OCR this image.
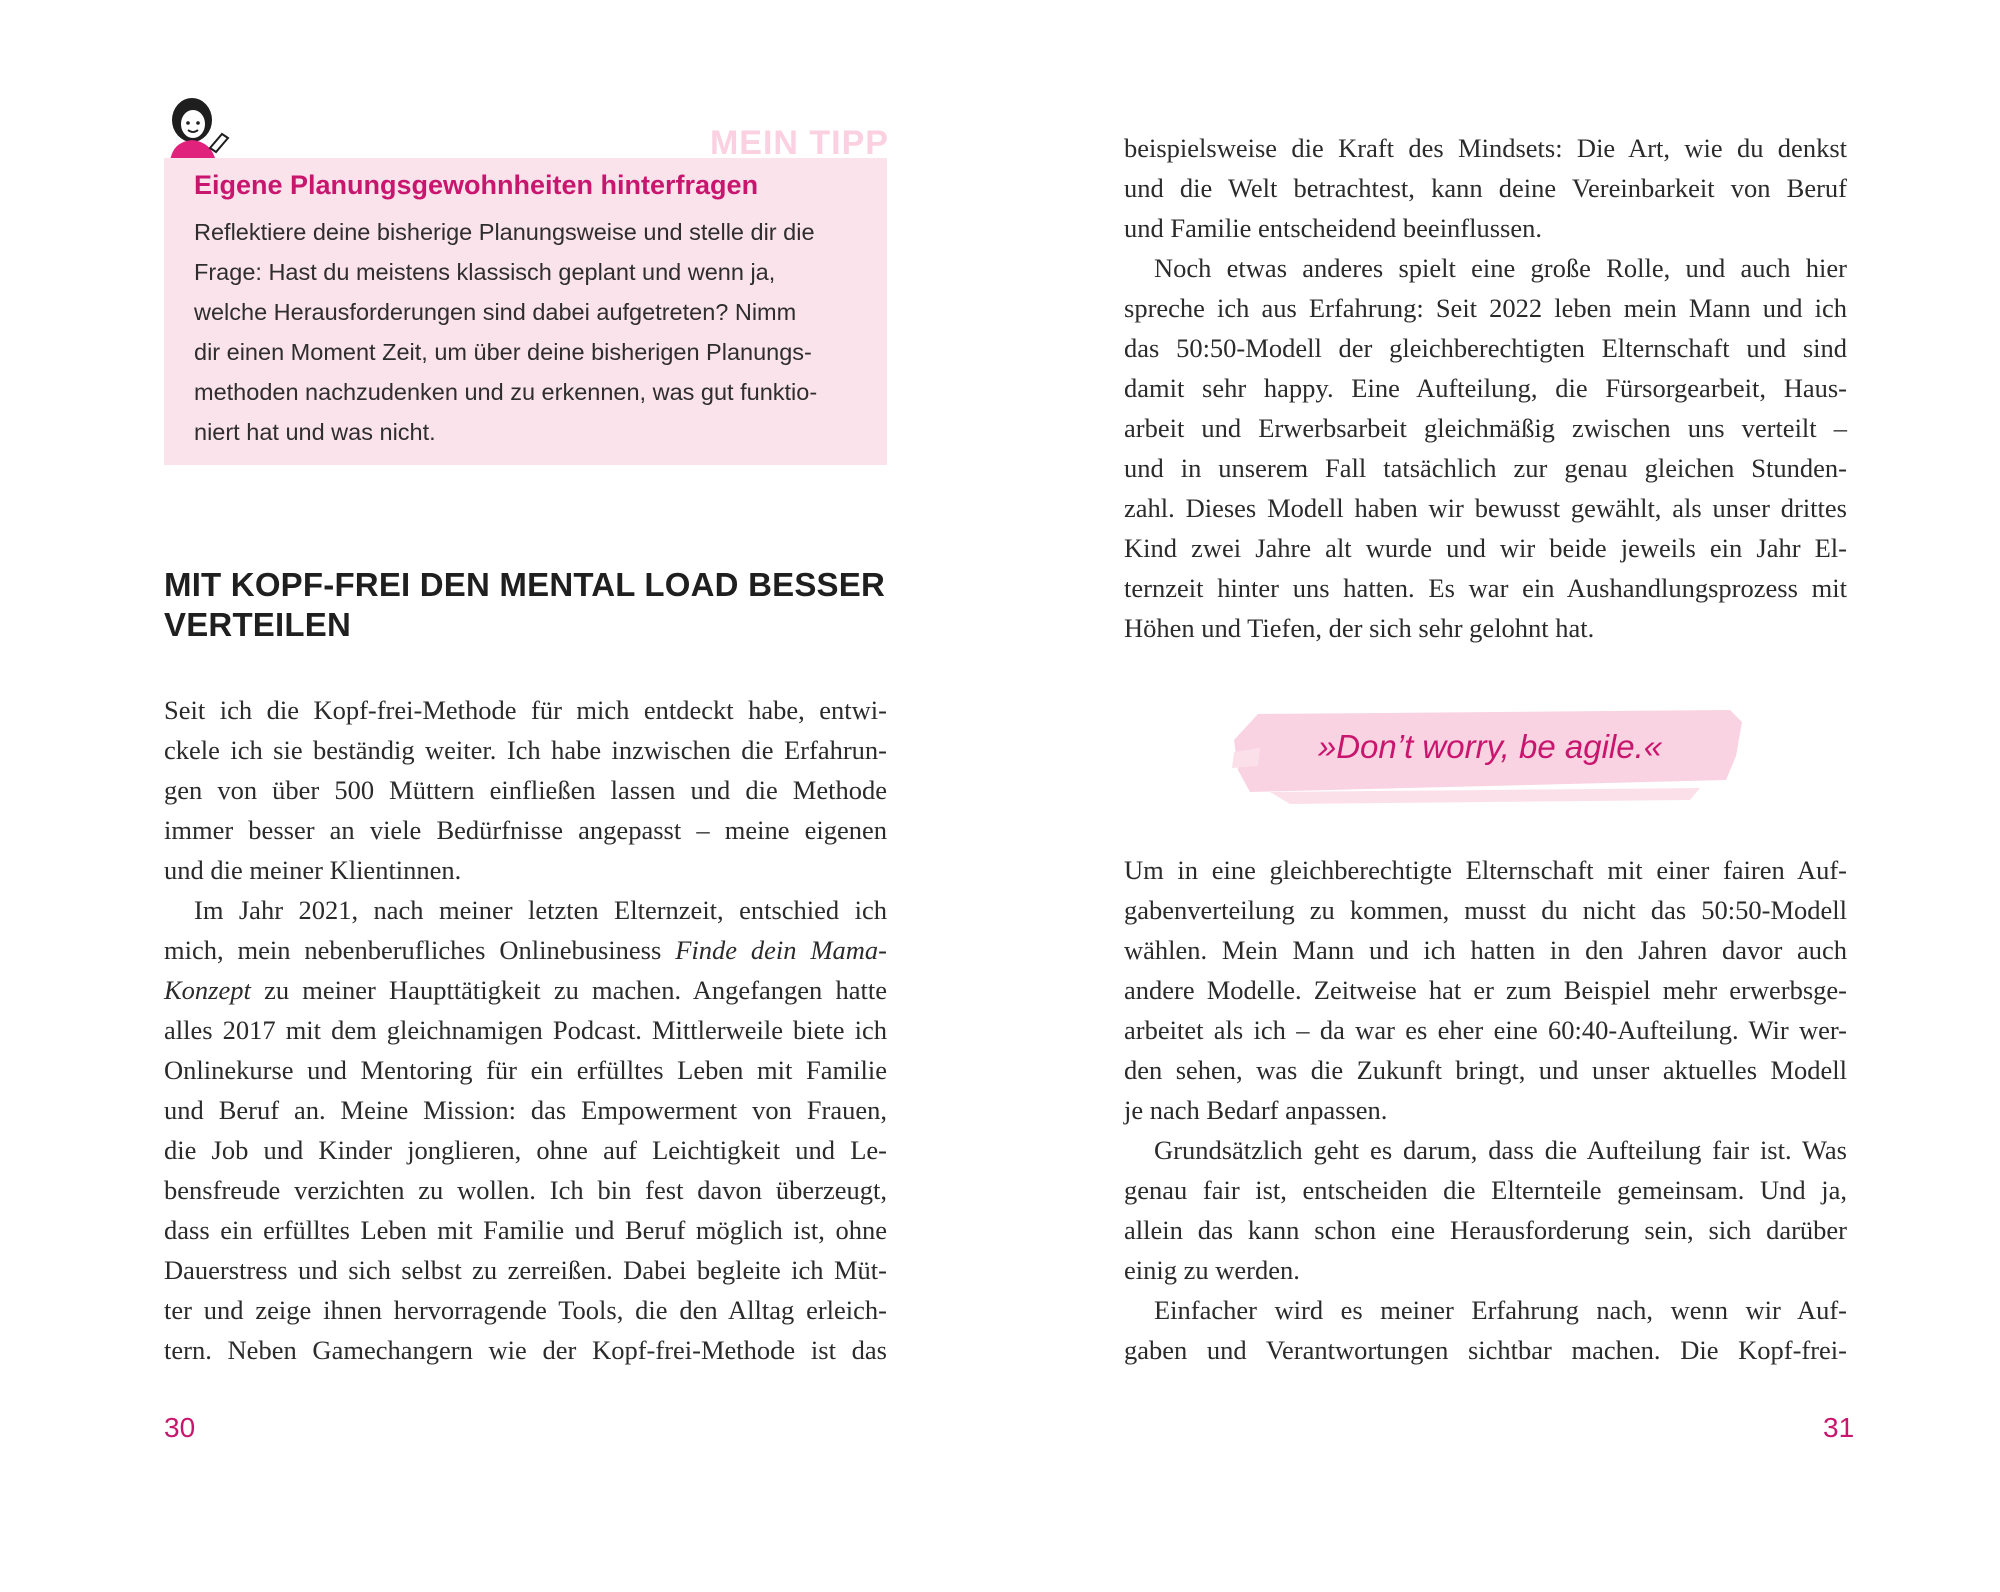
MEIN TIPP
Eigene Planungsgewohnheiten hinterfragen
Reflektiere deine bisherige Planungsweise und stelle dir die
Frage: Hast du meistens klassisch geplant und wenn ja,
welche Herausforderungen sind dabei aufgetreten? Nimm
dir einen Moment Zeit, um über deine bisherigen Planungs-
methoden nachzudenken und zu erkennen, was gut funktio-
niert hat und was nicht.
MIT KOPF-FREI DEN MENTAL LOAD BESSER
VERTEILEN
Seit ich die Kopf-frei-Methode für mich entdeckt habe, entwi-
ckele ich sie beständig weiter. Ich habe inzwischen die Erfahrun-
gen von über 500 Müttern einfließen lassen und die Methode
immer besser an viele Bedürfnisse angepasst – meine eigenen
und die meiner Klientinnen.
Im Jahr 2021, nach meiner letzten Elternzeit, entschied ich
mich, mein nebenberufliches Onlinebusiness Finde dein Mama-
Konzept zu meiner Haupttätigkeit zu machen. Angefangen hatte
alles 2017 mit dem gleichnamigen Podcast. Mittlerweile biete ich
Onlinekurse und Mentoring für ein erfülltes Leben mit Familie
und Beruf an. Meine Mission: das Empowerment von Frauen,
die Job und Kinder jonglieren, ohne auf Leichtigkeit und Le-
bensfreude verzichten zu wollen. Ich bin fest davon überzeugt,
dass ein erfülltes Leben mit Familie und Beruf möglich ist, ohne
Dauerstress und sich selbst zu zerreißen. Dabei begleite ich Müt-
ter und zeige ihnen hervorragende Tools, die den Alltag erleich-
tern. Neben Gamechangern wie der Kopf-frei-Methode ist das
30
beispielsweise die Kraft des Mindsets: Die Art, wie du denkst
und die Welt betrachtest, kann deine Vereinbarkeit von Beruf
und Familie entscheidend beeinflussen.
Noch etwas anderes spielt eine große Rolle, und auch hier
spreche ich aus Erfahrung: Seit 2022 leben mein Mann und ich
das 50:50-Modell der gleichberechtigten Elternschaft und sind
damit sehr happy. Eine Aufteilung, die Fürsorgearbeit, Haus-
arbeit und Erwerbsarbeit gleichmäßig zwischen uns verteilt –
und in unserem Fall tatsächlich zur genau gleichen Stunden-
zahl. Dieses Modell haben wir bewusst gewählt, als unser drittes
Kind zwei Jahre alt wurde und wir beide jeweils ein Jahr El-
ternzeit hinter uns hatten. Es war ein Aushandlungsprozess mit
Höhen und Tiefen, der sich sehr gelohnt hat.
»Don’t worry, be agile.«
Um in eine gleichberechtigte Elternschaft mit einer fairen Auf-
gabenverteilung zu kommen, musst du nicht das 50:50-Modell
wählen. Mein Mann und ich hatten in den Jahren davor auch
andere Modelle. Zeitweise hat er zum Beispiel mehr erwerbsge-
arbeitet als ich – da war es eher eine 60:40-Aufteilung. Wir wer-
den sehen, was die Zukunft bringt, und unser aktuelles Modell
je nach Bedarf anpassen.
Grundsätzlich geht es darum, dass die Aufteilung fair ist. Was
genau fair ist, entscheiden die Elternteile gemeinsam. Und ja,
allein das kann schon eine Herausforderung sein, sich darüber
einig zu werden.
Einfacher wird es meiner Erfahrung nach, wenn wir Auf-
gaben und Verantwortungen sichtbar machen. Die Kopf-frei-
31
